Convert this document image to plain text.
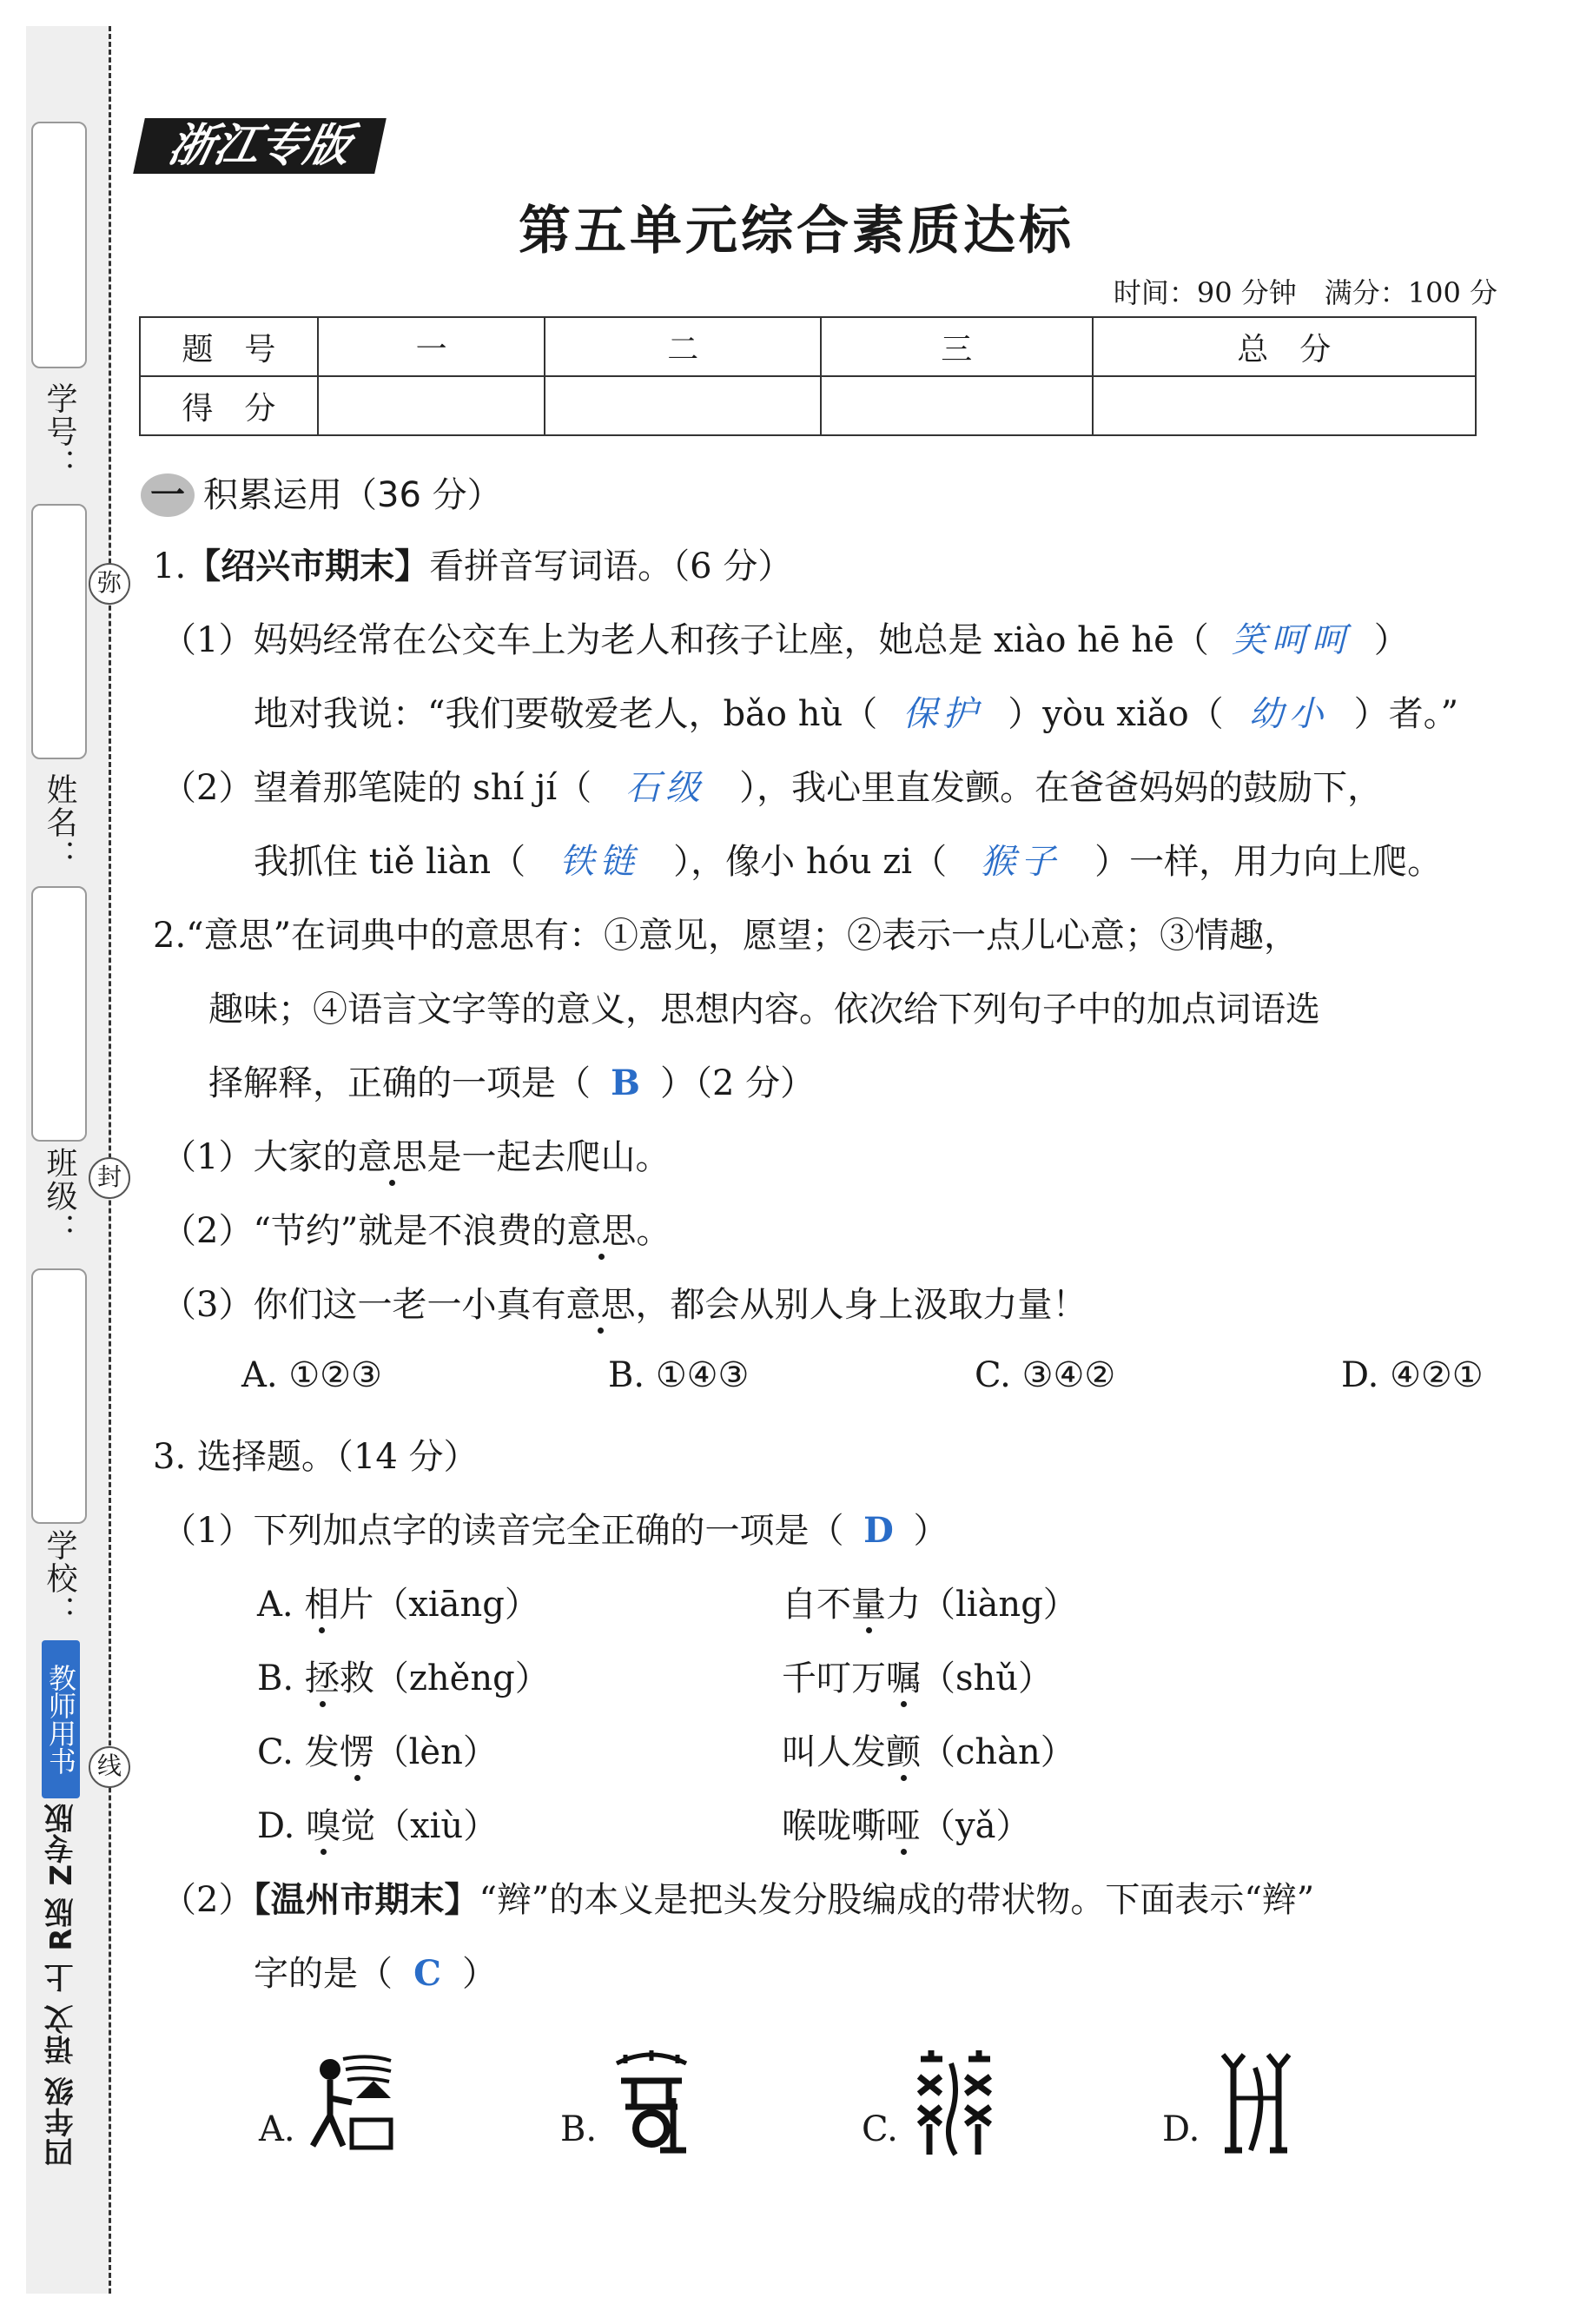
学号：
姓名：
班级：
学校：
弥
封
线
教师用书
四年级 语文 上 R版 Z专版
浙江专版
第五单元综合素质达标
时间：90 分钟　满分：100 分
题　号	一	二	三	总　分
得　分				
一 积累运用（36 分）
1.【绍兴市期末】看拼音写词语。（6 分）
（1）妈妈经常在公交车上为老人和孩子让座，她总是 xiào hē hē（ 笑呵呵 ）
地对我说：“我们要敬爱老人，bǎo hù（ 保护 ）yòu xiǎo（ 幼小 ）者。”
（2）望着那笔陡的 shí jí（ 石级 ），我心里直发颤。在爸爸妈妈的鼓励下，
我抓住 tiě liàn（ 铁链 ），像小 hóu zi（ 猴子 ）一样，用力向上爬。
2.“意思”在词典中的意思有：①意见，愿望；②表示一点儿心意；③情趣，
趣味；④语言文字等的意义，思想内容。依次给下列句子中的加点词语选
择解释，正确的一项是（ B ）（2 分）
（1）大家的意思是一起去爬山。
（2）“节约”就是不浪费的意思。
（3）你们这一老一小真有意思，都会从别人身上汲取力量！
A. ①②③	B. ①④③	C. ③④②	D. ④②①
3. 选择题。（14 分）
（1）下列加点字的读音完全正确的一项是（ D ）
A. 相片（xiāng）	自不量力（liàng）
B. 拯救（zhěng）	千叮万嘱（shǔ）
C. 发愣（lèn）	叫人发颤（chàn）
D. 嗅觉（xiù）	喉咙嘶哑（yǎ）
（2）【温州市期末】“辫”的本义是把头发分股编成的带状物。下面表示“辫”
字的是（ C ）
A.	B.	C.	D.
